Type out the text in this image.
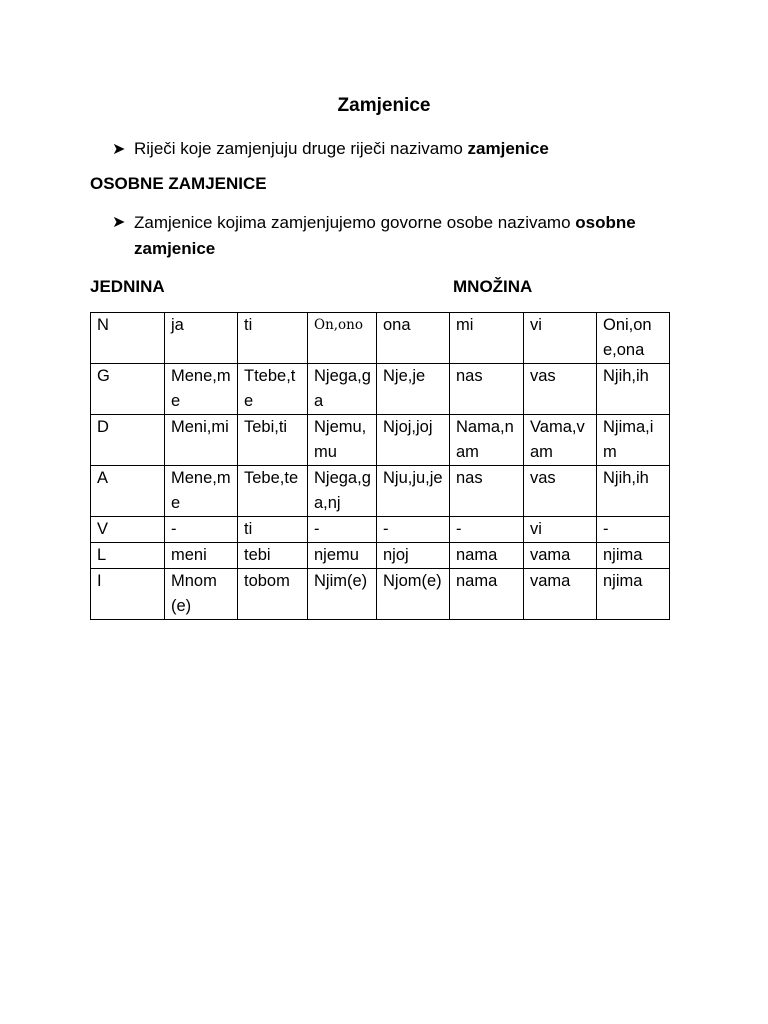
Zamjenice
➤ Riječi koje zamjenjuju druge riječi nazivamo zamjenice
OSOBNE ZAMJENICE
➤ Zamjenice kojima zamjenjujemo govorne osobe nazivamo osobne zamjenice
JEDNINA	MNOŽINA
N	ja	ti	On,ono	ona	mi	vi	Oni,one,ona
G	Mene,me	Ttebe,te	Njega,ga	Nje,je	nas	vas	Njih,ih
D	Meni,mi	Tebi,ti	Njemu,mu	Njoj,joj	Nama,nam	Vama,vam	Njima,im
A	Mene,me	Tebe,te	Njega,ga,nj	Nju,ju,je	nas	vas	Njih,ih
V	-	ti	-	-	-	vi	-
L	meni	tebi	njemu	njoj	nama	vama	njima
I	Mnom(e)	tobom	Njim(e)	Njom(e)	nama	vama	njima
